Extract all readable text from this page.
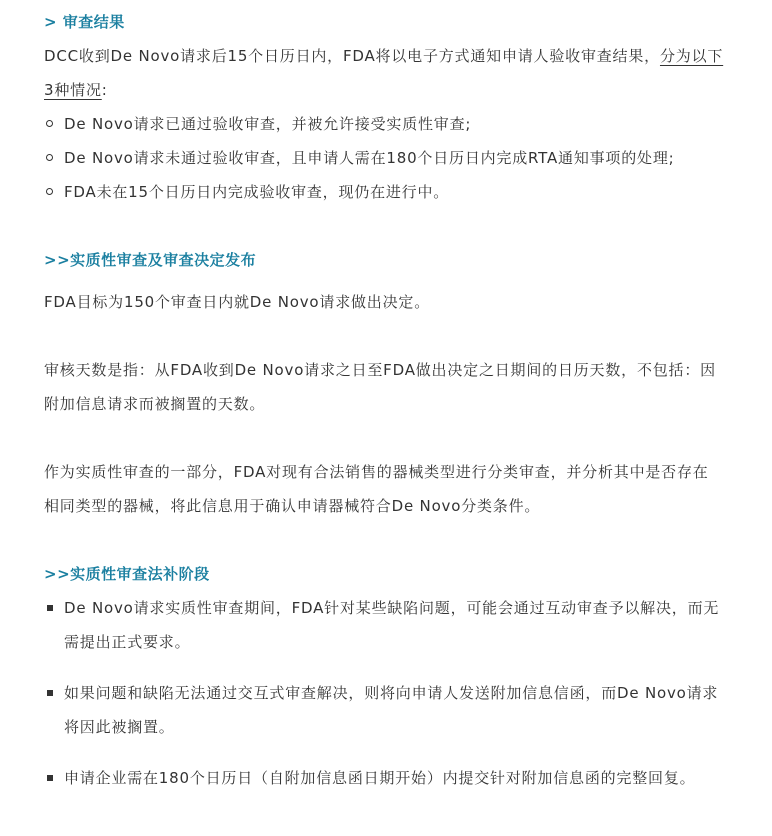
> 审查结果
DCC收到De Novo请求后15个日历日内，FDA将以电子方式通知申请人验收审查结果，分为以下3种情况:
De Novo请求已通过验收审查，并被允许接受实质性审查;
De Novo请求未通过验收审查，且申请人需在180个日历日内完成RTA通知事项的处理;
FDA未在15个日历日内完成验收审查，现仍在进行中。
>>实质性审查及审查决定发布
FDA目标为150个审查日内就De Novo请求做出决定。
审核天数是指：从FDA收到De Novo请求之日至FDA做出决定之日期间的日历天数，不包括：因附加信息请求而被搁置的天数。
作为实质性审查的一部分，FDA对现有合法销售的器械类型进行分类审查，并分析其中是否存在相同类型的器械，将此信息用于确认申请器械符合De Novo分类条件。
>>实质性审查法补阶段
De Novo请求实质性审查期间，FDA针对某些缺陷问题，可能会通过互动审查予以解决，而无需提出正式要求。
如果问题和缺陷无法通过交互式审查解决，则将向申请人发送附加信息信函，而De Novo请求将因此被搁置。
申请企业需在180个日历日（自附加信息函日期开始）内提交针对附加信息函的完整回复。
